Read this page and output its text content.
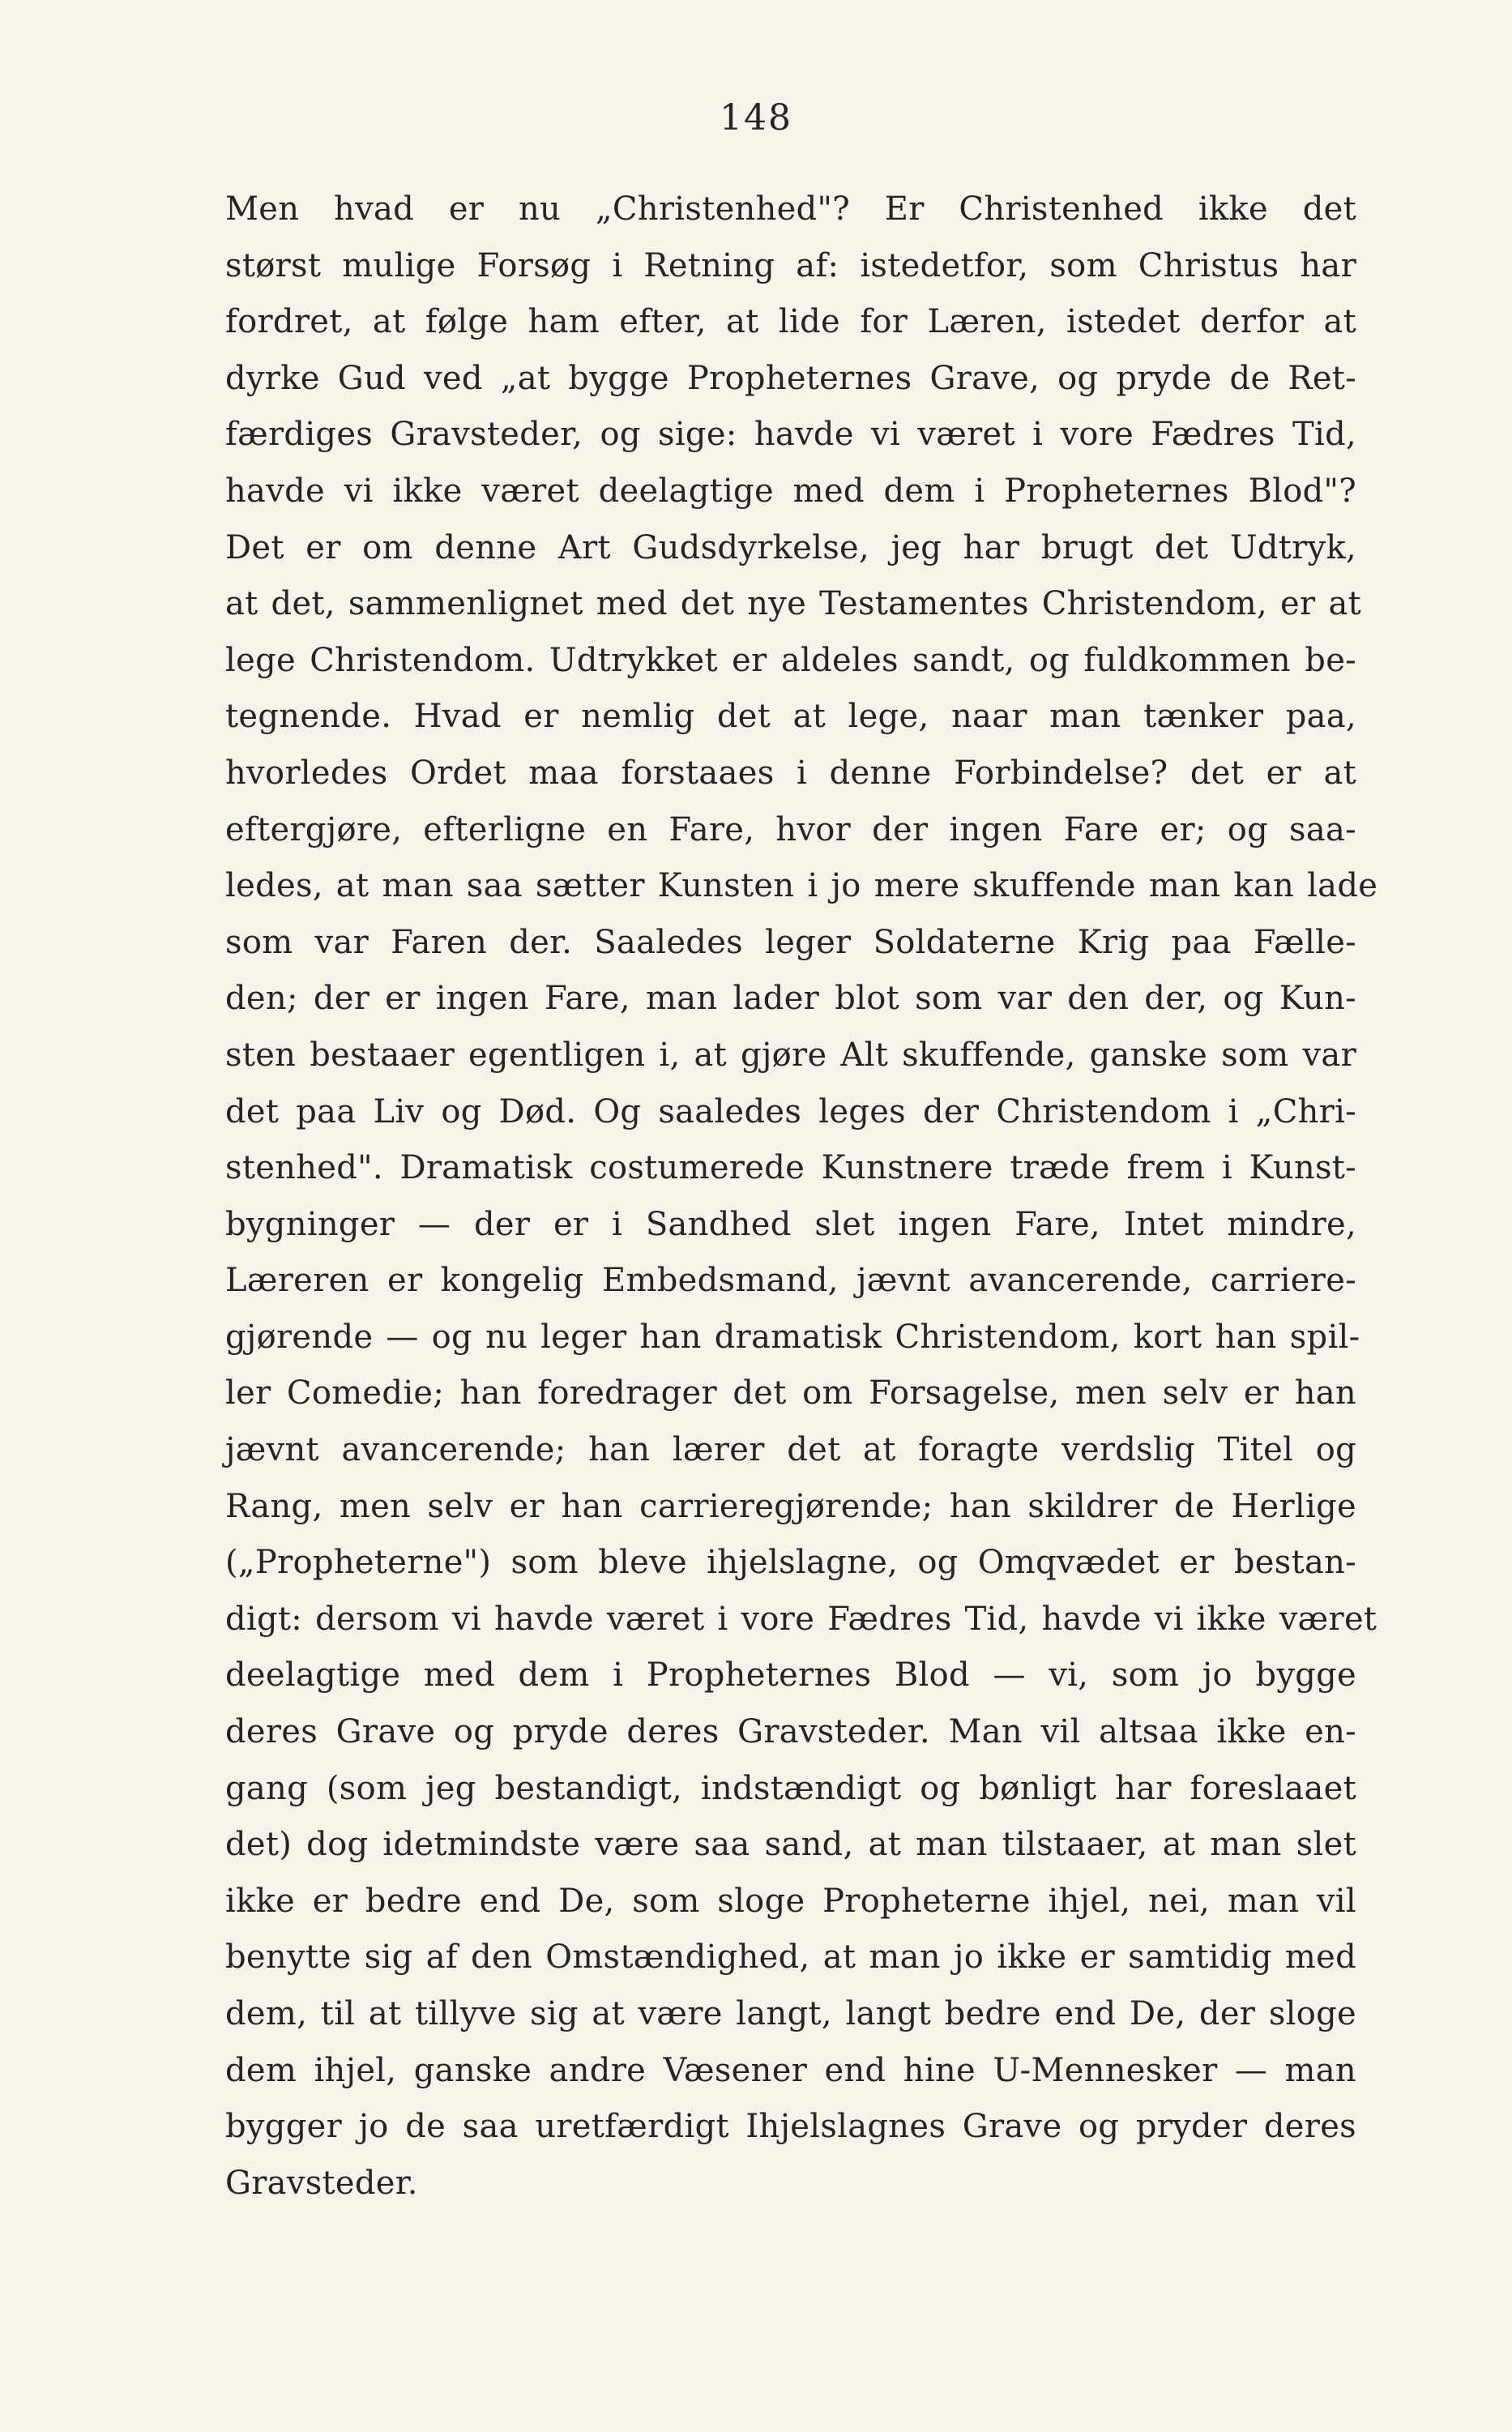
148
Men hvad er nu „Christenhed"? Er Christenhed ikke det
størst mulige Forsøg i Retning af: istedetfor, som Christus har
fordret, at følge ham efter, at lide for Læren, istedet derfor at
dyrke Gud ved „at bygge Propheternes Grave, og pryde de Ret-
færdiges Gravsteder, og sige: havde vi været i vore Fædres Tid,
havde vi ikke været deelagtige med dem i Propheternes Blod"?
Det er om denne Art Gudsdyrkelse, jeg har brugt det Udtryk,
at det, sammenlignet med det nye Testamentes Christendom, er at
lege Christendom. Udtrykket er aldeles sandt, og fuldkommen be-
tegnende. Hvad er nemlig det at lege, naar man tænker paa,
hvorledes Ordet maa forstaaes i denne Forbindelse? det er at
eftergjøre, efterligne en Fare, hvor der ingen Fare er; og saa-
ledes, at man saa sætter Kunsten i jo mere skuffende man kan lade
som var Faren der. Saaledes leger Soldaterne Krig paa Fælle-
den; der er ingen Fare, man lader blot som var den der, og Kun-
sten bestaaer egentligen i, at gjøre Alt skuffende, ganske som var
det paa Liv og Død. Og saaledes leges der Christendom i „Chri-
stenhed". Dramatisk costumerede Kunstnere træde frem i Kunst-
bygninger — der er i Sandhed slet ingen Fare, Intet mindre,
Læreren er kongelig Embedsmand, jævnt avancerende, carriere-
gjørende — og nu leger han dramatisk Christendom, kort han spil-
ler Comedie; han foredrager det om Forsagelse, men selv er han
jævnt avancerende; han lærer det at foragte verdslig Titel og
Rang, men selv er han carrieregjørende; han skildrer de Herlige
(„Propheterne") som bleve ihjelslagne, og Omqvædet er bestan-
digt: dersom vi havde været i vore Fædres Tid, havde vi ikke været
deelagtige med dem i Propheternes Blod — vi, som jo bygge
deres Grave og pryde deres Gravsteder. Man vil altsaa ikke en-
gang (som jeg bestandigt, indstændigt og bønligt har foreslaaet
det) dog idetmindste være saa sand, at man tilstaaer, at man slet
ikke er bedre end De, som sloge Propheterne ihjel, nei, man vil
benytte sig af den Omstændighed, at man jo ikke er samtidig med
dem, til at tillyve sig at være langt, langt bedre end De, der sloge
dem ihjel, ganske andre Væsener end hine U-Mennesker — man
bygger jo de saa uretfærdigt Ihjelslagnes Grave og pryder deres
Gravsteder.
